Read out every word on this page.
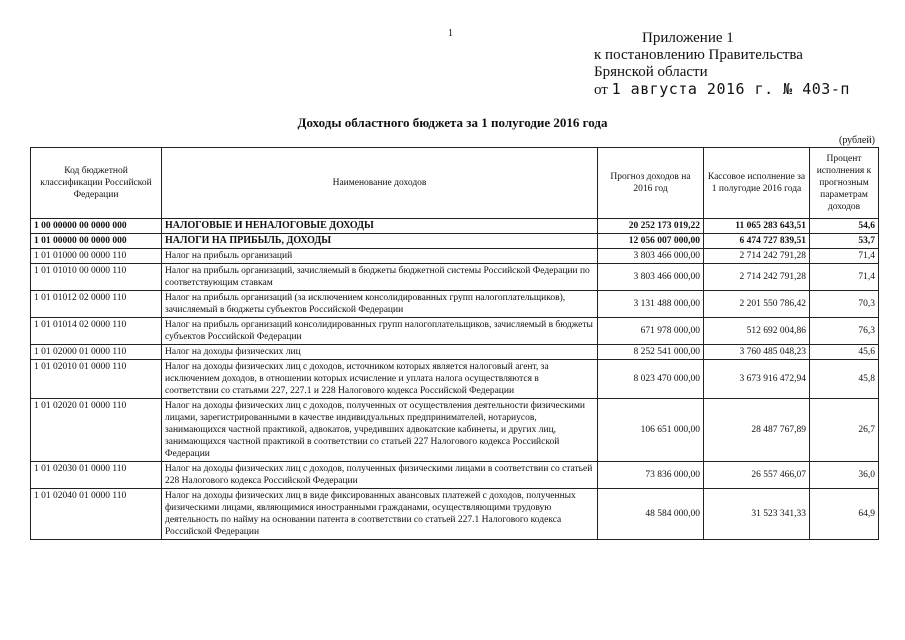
1	Приложение 1
к постановлению Правительства
Брянской области
от 1 августа 2016 г. № 403-п
Доходы областного бюджета за 1 полугодие 2016 года
(рублей)
Код бюджетной классификации Российской Федерации	Наименование доходов	Прогноз доходов на 2016 год	Кассовое исполнение за 1 полугодие 2016 года	Процент исполнения к прогнозным параметрам доходов
1 00 00000 00 0000 000	НАЛОГОВЫЕ И НЕНАЛОГОВЫЕ ДОХОДЫ	20 252 173 019,22	11 065 283 643,51	54,6
1 01 00000 00 0000 000	НАЛОГИ НА ПРИБЫЛЬ, ДОХОДЫ	12 056 007 000,00	6 474 727 839,51	53,7
1 01 01000 00 0000 110	Налог на прибыль организаций	3 803 466 000,00	2 714 242 791,28	71,4
1 01 01010 00 0000 110	Налог на прибыль организаций, зачисляемый в бюджеты бюджетной системы Российской Федерации по соответствующим ставкам	3 803 466 000,00	2 714 242 791,28	71,4
1 01 01012 02 0000 110	Налог на прибыль организаций (за исключением консолидированных групп налогоплательщиков), зачисляемый в бюджеты субъектов Российской Федерации	3 131 488 000,00	2 201 550 786,42	70,3
1 01 01014 02 0000 110	Налог на прибыль организаций консолидированных групп налогоплательщиков, зачисляемый в бюджеты субъектов Российской Федерации	671 978 000,00	512 692 004,86	76,3
1 01 02000 01 0000 110	Налог на доходы физических лиц	8 252 541 000,00	3 760 485 048,23	45,6
1 01 02010 01 0000 110	Налог на доходы физических лиц с доходов, источником которых является налоговый агент, за исключением доходов, в отношении которых исчисление и уплата налога осуществляются в соответствии со статьями 227, 227.1 и 228 Налогового кодекса Российской Федерации	8 023 470 000,00	3 673 916 472,94	45,8
1 01 02020 01 0000 110	Налог на доходы физических лиц с доходов, полученных от осуществления деятельности физическими лицами, зарегистрированными в качестве индивидуальных предпринимателей, нотариусов, занимающихся частной практикой, адвокатов, учредивших адвокатские кабинеты, и других лиц, занимающихся частной практикой в соответствии со статьей 227 Налогового кодекса Российской Федерации	106 651 000,00	28 487 767,89	26,7
1 01 02030 01 0000 110	Налог на доходы физических лиц с доходов, полученных физическими лицами в соответствии со статьей 228 Налогового кодекса Российской Федерации	73 836 000,00	26 557 466,07	36,0
1 01 02040 01 0000 110	Налог на доходы физических лиц в виде фиксированных авансовых платежей с доходов, полученных физическими лицами, являющимися иностранными гражданами, осуществляющими трудовую деятельность по найму на основании патента в соответствии со статьей 227.1 Налогового кодекса Российской Федерации	48 584 000,00	31 523 341,33	64,9
